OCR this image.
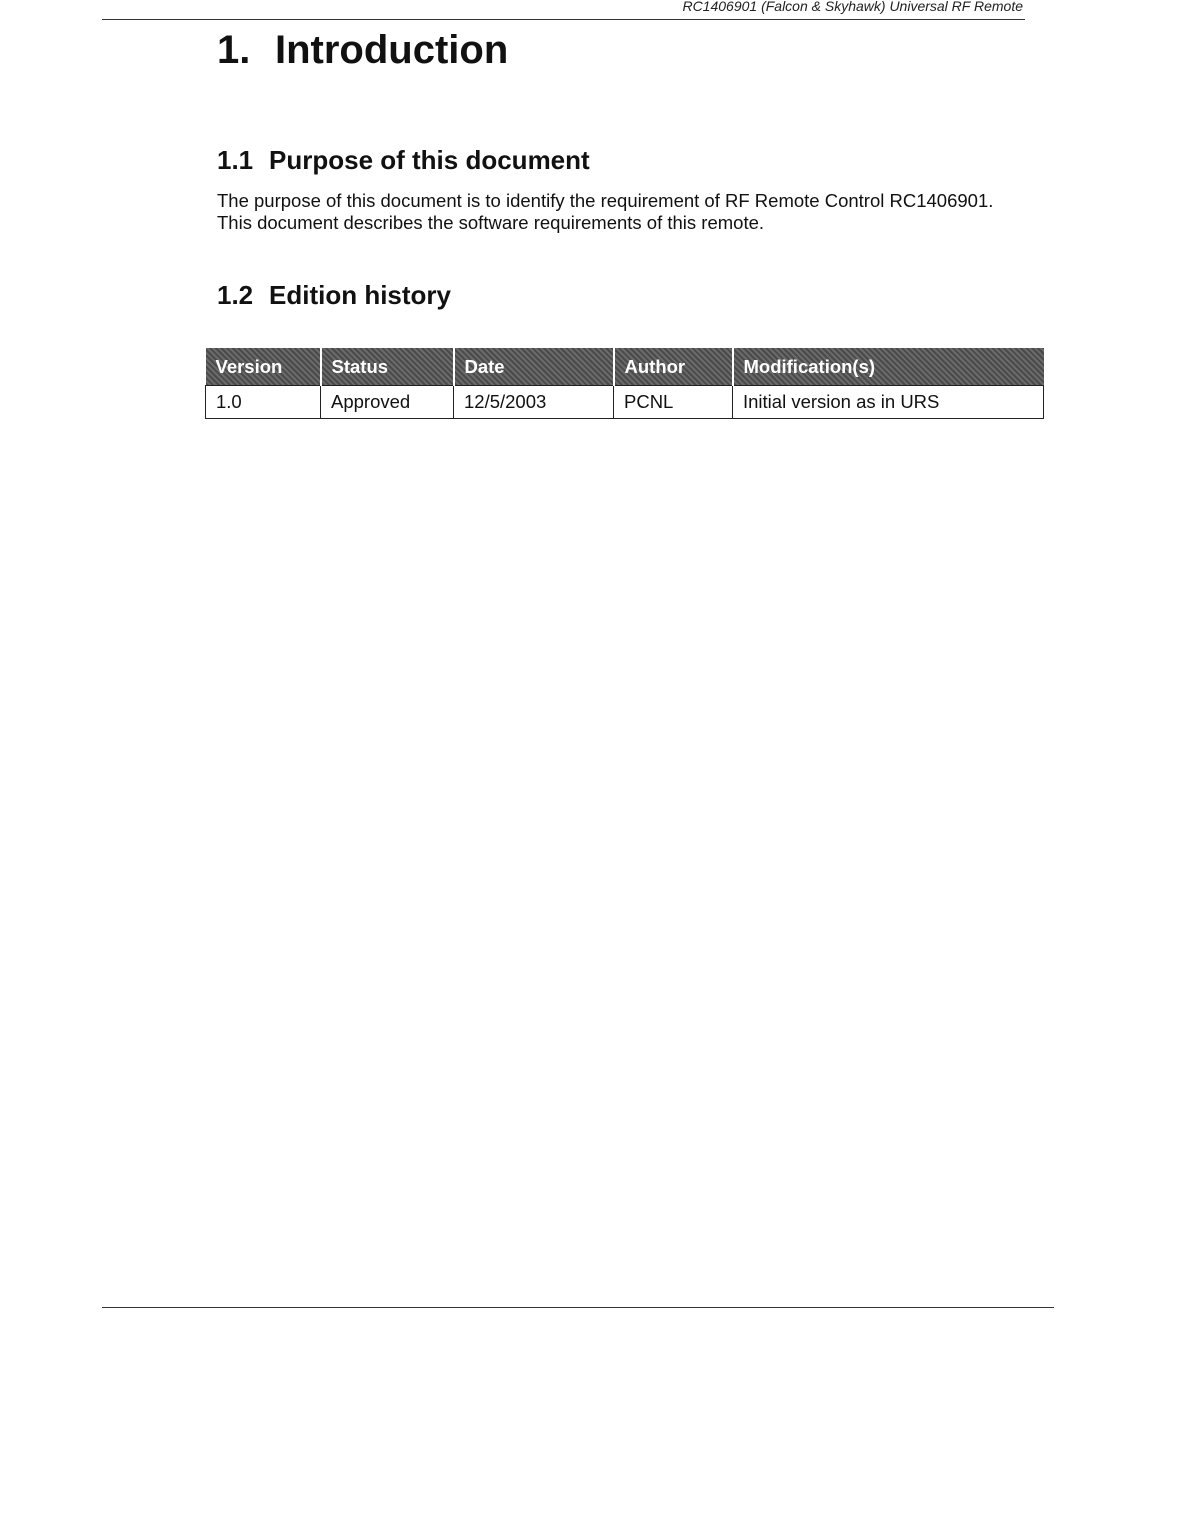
RC1406901 (Falcon & Skyhawk) Universal RF Remote
1. Introduction
1.1 Purpose of this document

The purpose of this document is to identify the requirement of RF Remote Control RC1406901.
This document describes the software requirements of this remote.

1.2 Edition history
Version	Status	Date	Author	Modification(s)
1.0	Approved	12/5/2003	PCNL	Initial version as in URS
